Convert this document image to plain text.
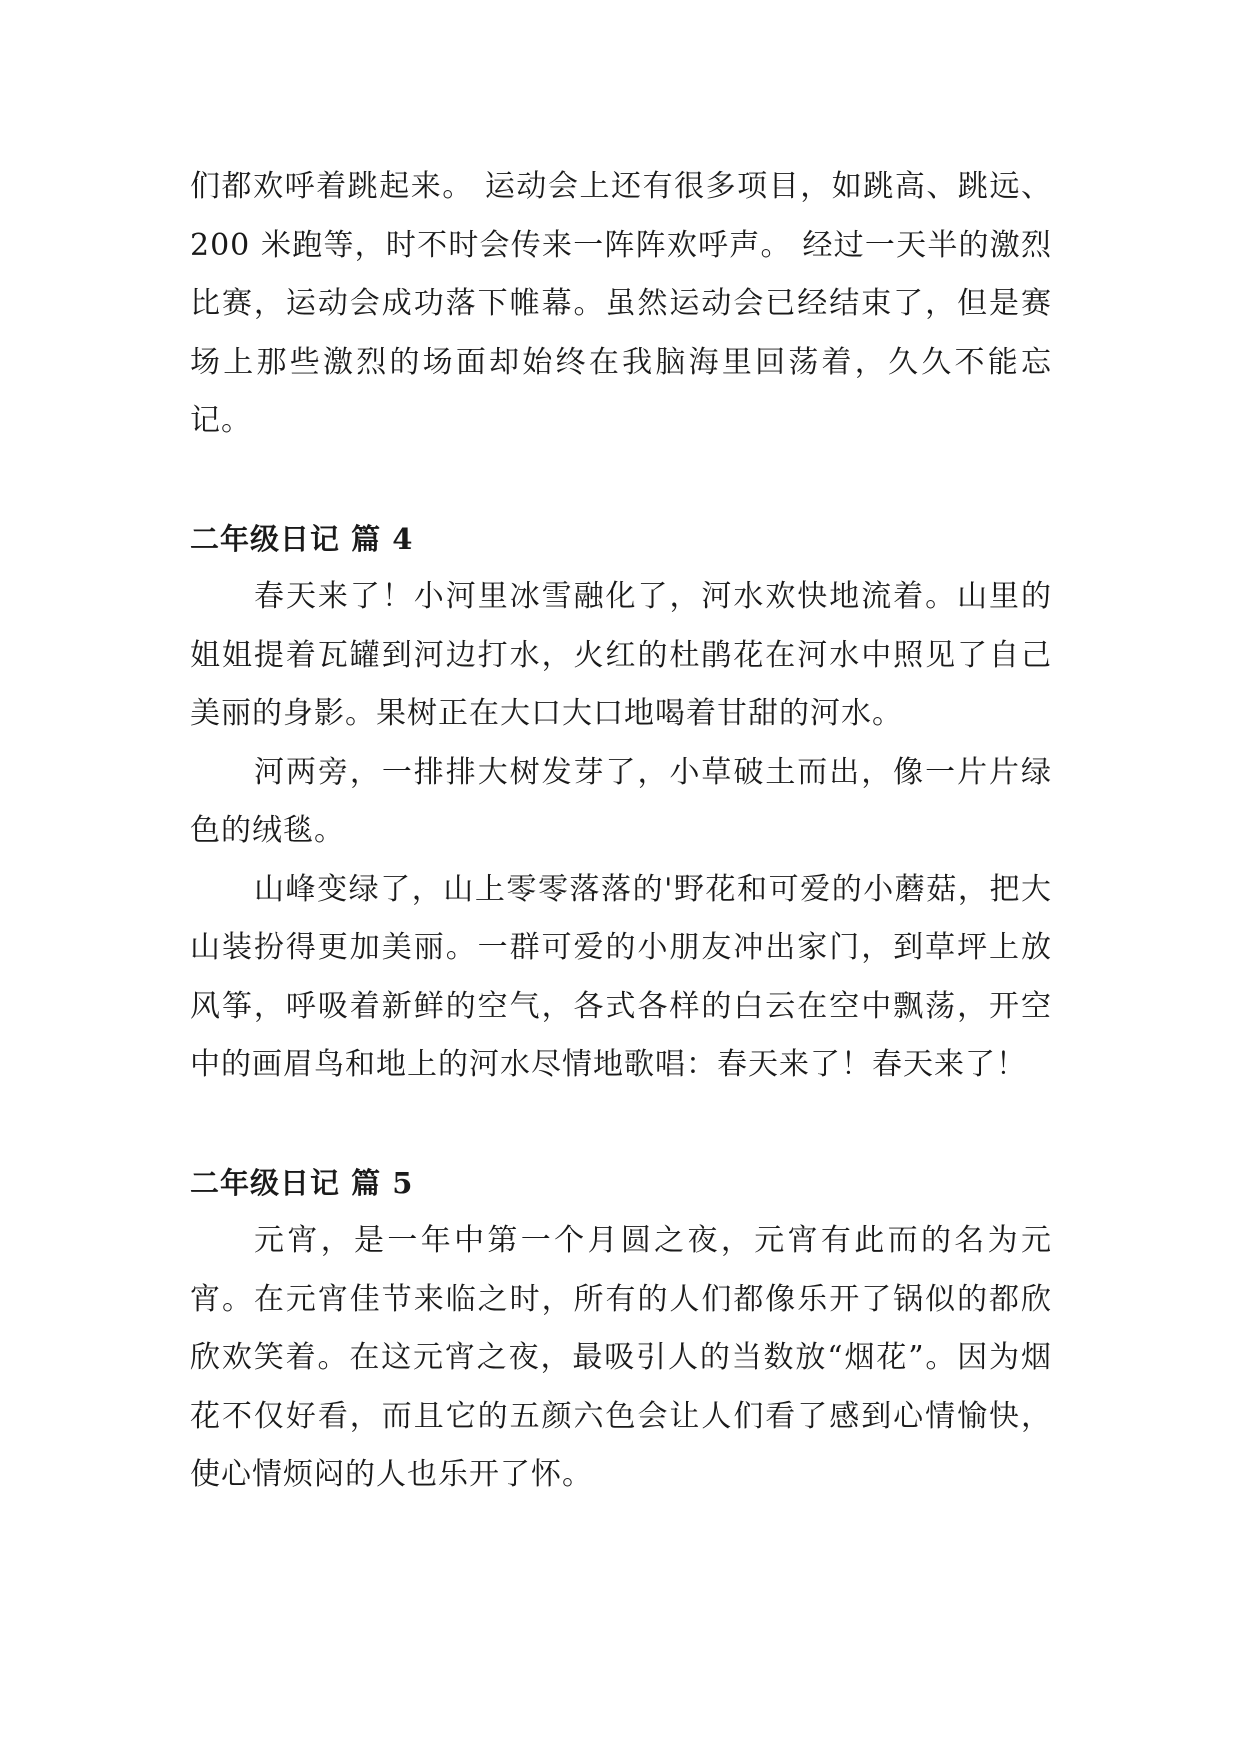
们都欢呼着跳起来。 运动会上还有很多项目，如跳高、跳远、200 米跑等，时不时会传来一阵阵欢呼声。 经过一天半的激烈比赛，运动会成功落下帷幕。虽然运动会已经结束了，但是赛场上那些激烈的场面却始终在我脑海里回荡着，久久不能忘记。

二年级日记 篇 4

春天来了！小河里冰雪融化了，河水欢快地流着。山里的姐姐提着瓦罐到河边打水，火红的杜鹃花在河水中照见了自己美丽的身影。果树正在大口大口地喝着甘甜的河水。

河两旁，一排排大树发芽了，小草破土而出，像一片片绿色的绒毯。

山峰变绿了，山上零零落落的'野花和可爱的小蘑菇，把大山装扮得更加美丽。一群可爱的小朋友冲出家门，到草坪上放风筝，呼吸着新鲜的空气，各式各样的白云在空中飘荡，开空中的画眉鸟和地上的河水尽情地歌唱：春天来了！春天来了！

二年级日记 篇 5

元宵，是一年中第一个月圆之夜，元宵有此而的名为元宵。在元宵佳节来临之时，所有的人们都像乐开了锅似的都欣欣欢笑着。在这元宵之夜，最吸引人的当数放“烟花”。因为烟花不仅好看，而且它的五颜六色会让人们看了感到心情愉快，使心情烦闷的人也乐开了怀。
